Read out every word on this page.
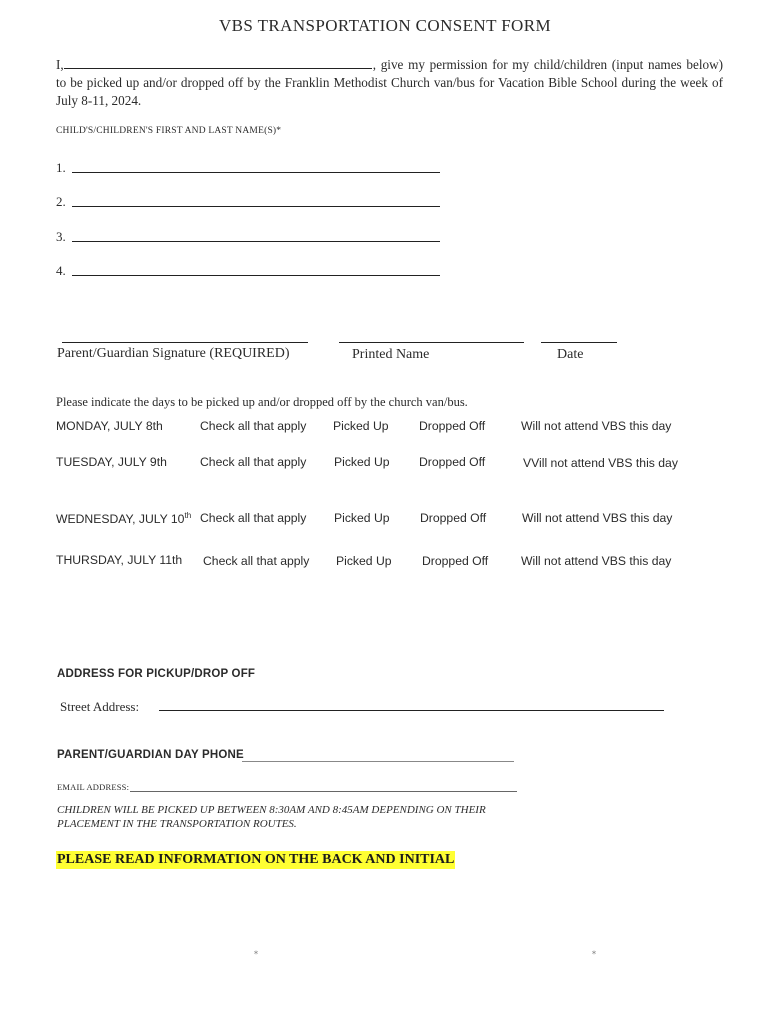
VBS TRANSPORTATION CONSENT FORM
I,	, give my permission for my child/children (input names below) to be picked up and/or dropped off by the Franklin Methodist Church van/bus for Vacation Bible School during the week of July 8-11, 2024.
CHILD'S/CHILDREN'S FIRST AND LAST NAME(S)*
1.
2.
3.
4.
Parent/Guardian Signature (REQUIRED)	Printed Name	Date
Please indicate the days to be picked up and/or dropped off by the church van/bus.
MONDAY, JULY 8th	Check all that apply Picked Up Dropped Off	Will not attend VBS this day
TUESDAY, JULY 9th	Check all that apply Picked Up Dropped Off	VVill not attend VBS this day
WEDNESDAY, JULY 10th Check all that apply Picked Up Dropped Off	Will not attend VBS this day
THURSDAY, JULY 11th Check all that apply Picked Up Dropped Off	Will not attend VBS this day
ADDRESS FOR PICKUP/DROP OFF
Street Address:
PARENT/GUARDIAN DAY PHONE
EMAIL ADDRESS:
CHILDREN WILL BE PICKED UP BETWEEN 8:30AM AND 8:45AM DEPENDING ON THEIR PLACEMENT IN THE TRANSPORTATION ROUTES.
PLEASE READ INFORMATION ON THE BACK AND INITIAL
*	*
